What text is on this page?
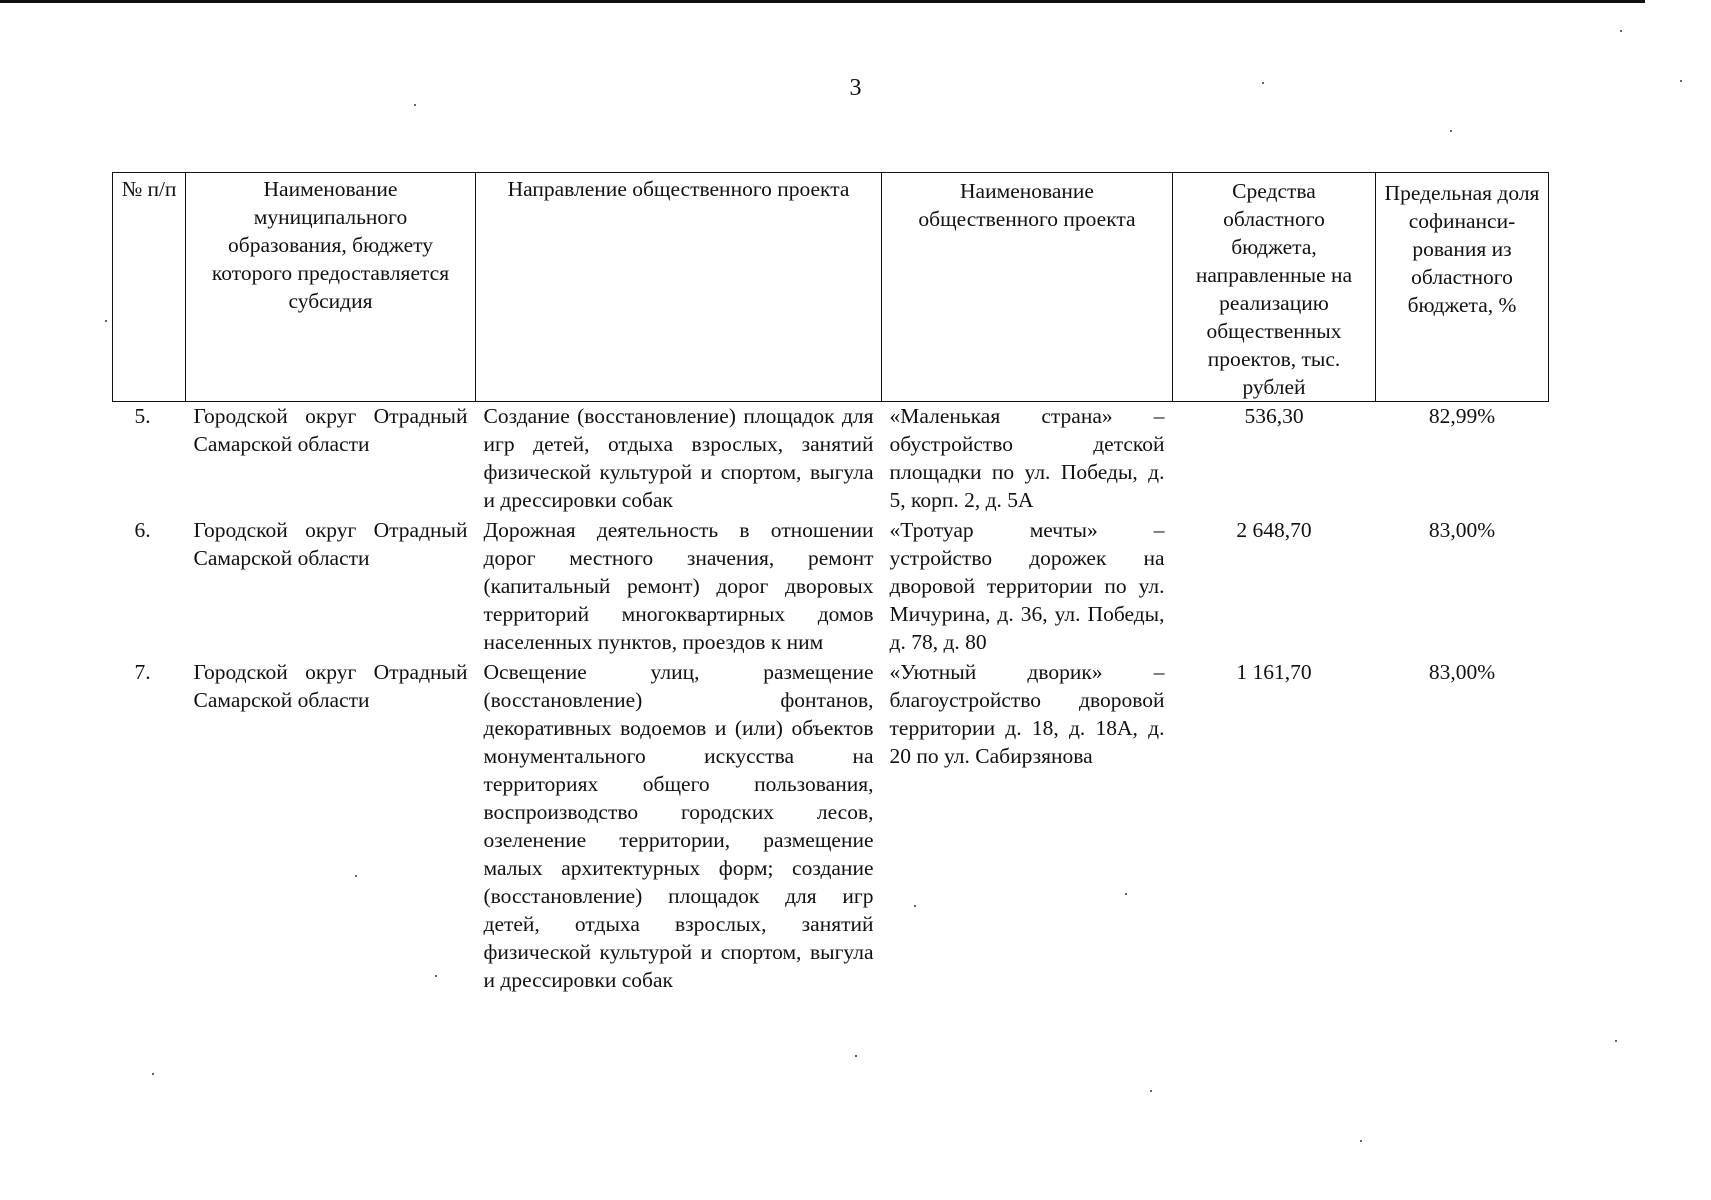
3
№ п/п	Наименование муниципального образования, бюджету которого предоставляется субсидия	Направление общественного проекта	Наименование общественного проекта	Средства областного бюджета, направленные на реализацию общественных проектов, тыс. рублей	Предельная доля софинанси-рования из областного бюджета, %
5.	Городской округ Отрадный Самарской области	Создание (восстановление) площадок для игр детей, отдыха взрослых, занятий физической культурой и спортом, выгула и дрессировки собак	«Маленькая страна» – обустройство детской площадки по ул. Победы, д. 5, корп. 2, д. 5А	536,30	82,99%
6.	Городской округ Отрадный Самарской области	Дорожная деятельность в отношении дорог местного значения, ремонт (капитальный ремонт) дорог дворовых территорий многоквартирных домов населенных пунктов, проездов к ним	«Тротуар мечты» – устройство дорожек на дворовой территории по ул. Мичурина, д. 36, ул. Победы, д. 78, д. 80	2 648,70	83,00%
7.	Городской округ Отрадный Самарской области	Освещение улиц, размещение (восстановление) фонтанов, декоративных водоемов и (или) объектов монументального искусства на территориях общего пользования, воспроизводство городских лесов, озеленение территории, размещение малых архитектурных форм; создание (восстановление) площадок для игр детей, отдыха взрослых, занятий физической культурой и спортом, выгула и дрессировки собак	«Уютный дворик» – благоустройство дворовой территории д. 18, д. 18А, д. 20 по ул. Сабирзянова	1 161,70	83,00%
